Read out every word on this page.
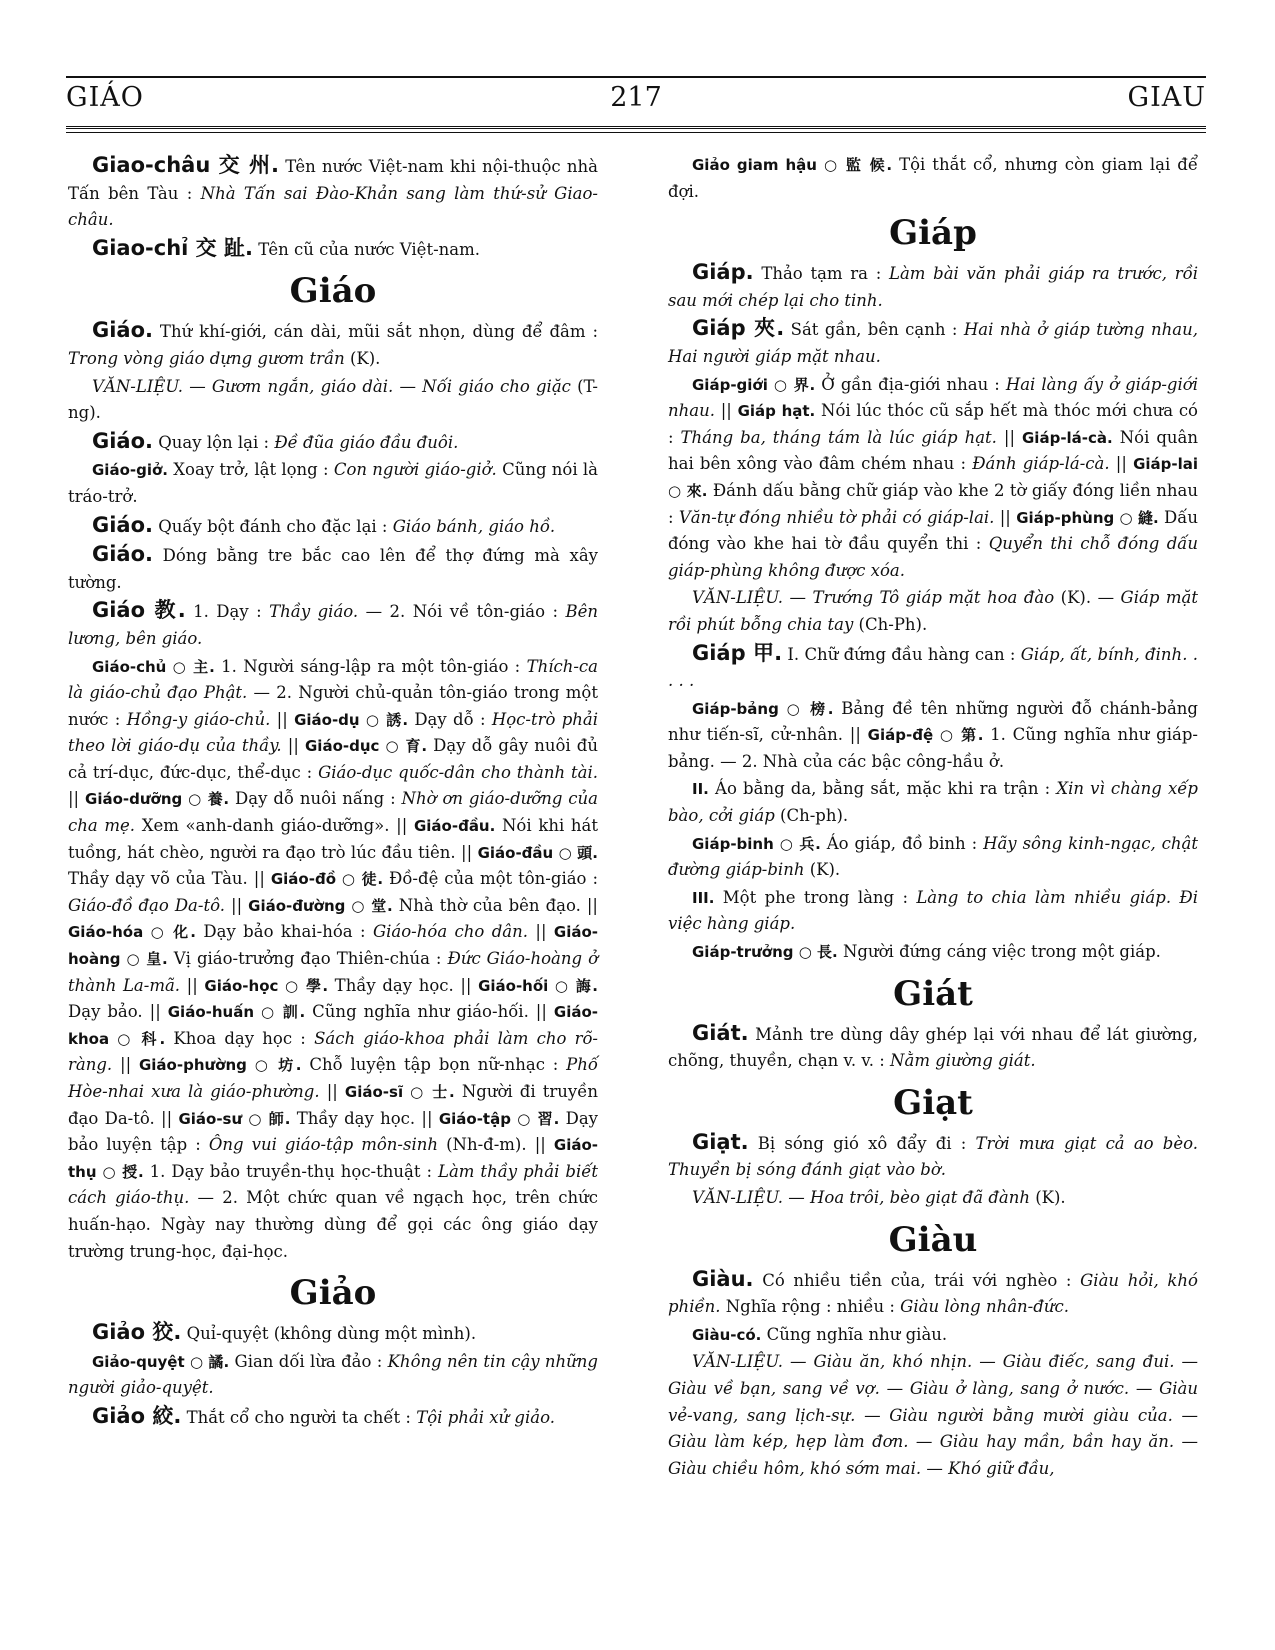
GIÁO	217	GIAU

Giao-châu 交 州. Tên nước Việt-nam khi nội-thuộc nhà Tấn bên Tàu : Nhà Tấn sai Đào-Khản sang làm thứ-sử Giao-châu.

Giao-chỉ 交 趾. Tên cũ của nước Việt-nam.

Giáo

Giáo. Thứ khí-giới, cán dài, mũi sắt nhọn, dùng để đâm : Trong vòng giáo dựng gươm trần (K).

VĂN-LIỆU. — Gươm ngắn, giáo dài. — Nối giáo cho giặc (T-ng).

Giáo. Quay lộn lại : Đề đũa giáo đầu đuôi.

Giáo-giở. Xoay trở, lật lọng : Con người giáo-giở. Cũng nói là tráo-trở.

Giáo. Quấy bột đánh cho đặc lại : Giáo bánh, giáo hồ.

Giáo. Dóng bằng tre bắc cao lên để thợ đứng mà xây tường.

Giáo 教. 1. Dạy : Thầy giáo. — 2. Nói về tôn-giáo : Bên lương, bên giáo.

Giáo-chủ ○ 主. 1. Người sáng-lập ra một tôn-giáo : Thích-ca là giáo-chủ đạo Phật. — 2. Người chủ-quản tôn-giáo trong một nước : Hồng-y giáo-chủ. || Giáo-dụ ○ 誘. Dạy dỗ : Học-trò phải theo lời giáo-dụ của thầy. || Giáo-dục ○ 育. Dạy dỗ gây nuôi đủ cả trí-dục, đức-dục, thể-dục : Giáo-dục quốc-dân cho thành tài. || Giáo-dưỡng ○ 養. Dạy dỗ nuôi nấng : Nhờ ơn giáo-dưỡng của cha mẹ. Xem «anh-danh giáo-dưỡng». || Giáo-đầu. Nói khi hát tuồng, hát chèo, người ra đạo trò lúc đầu tiên. || Giáo-đầu ○ 頭. Thầy dạy võ của Tàu. || Giáo-đồ ○ 徒. Đồ-đệ của một tôn-giáo : Giáo-đồ đạo Da-tô. || Giáo-đường ○ 堂. Nhà thờ của bên đạo. || Giáo-hóa ○ 化. Dạy bảo khai-hóa : Giáo-hóa cho dân. || Giáo-hoàng ○ 皇. Vị giáo-trưởng đạo Thiên-chúa : Đức Giáo-hoàng ở thành La-mã. || Giáo-học ○ 學. Thầy dạy học. || Giáo-hối ○ 誨. Dạy bảo. || Giáo-huấn ○ 訓. Cũng nghĩa như giáo-hối. || Giáo-khoa ○ 科. Khoa dạy học : Sách giáo-khoa phải làm cho rõ-ràng. || Giáo-phường ○ 坊. Chỗ luyện tập bọn nữ-nhạc : Phố Hòe-nhai xưa là giáo-phường. || Giáo-sĩ ○ 士. Người đi truyền đạo Da-tô. || Giáo-sư ○ 師. Thầy dạy học. || Giáo-tập ○ 習. Dạy bảo luyện tập : Ông vui giáo-tập môn-sinh (Nh-đ-m). || Giáo-thụ ○ 授. 1. Dạy bảo truyền-thụ học-thuật : Làm thầy phải biết cách giáo-thụ. — 2. Một chức quan về ngạch học, trên chức huấn-hạo. Ngày nay thường dùng để gọi các ông giáo dạy trường trung-học, đại-học.

Giảo

Giảo 狡. Quỉ-quyệt (không dùng một mình).

Giảo-quyệt ○ 譎. Gian dối lừa đảo : Không nên tin cậy những người giảo-quyệt.

Giảo 絞. Thắt cổ cho người ta chết : Tội phải xử giảo.

Giảo giam hậu ○ 監 候. Tội thắt cổ, nhưng còn giam lại để đợi.

Giáp

Giáp. Thảo tạm ra : Làm bài văn phải giáp ra trước, rồi sau mới chép lại cho tinh.

Giáp 夾. Sát gần, bên cạnh : Hai nhà ở giáp tường nhau, Hai người giáp mặt nhau.

Giáp-giới ○ 界. Ở gần địa-giới nhau : Hai làng ấy ở giáp-giới nhau. || Giáp hạt. Nói lúc thóc cũ sắp hết mà thóc mới chưa có : Tháng ba, tháng tám là lúc giáp hạt. || Giáp-lá-cà. Nói quân hai bên xông vào đâm chém nhau : Đánh giáp-lá-cà. || Giáp-lai ○ 來. Đánh dấu bằng chữ giáp vào khe 2 tờ giấy đóng liền nhau : Văn-tự đóng nhiều tờ phải có giáp-lai. || Giáp-phùng ○ 縫. Dấu đóng vào khe hai tờ đầu quyển thi : Quyển thi chỗ đóng dấu giáp-phùng không được xóa.

VĂN-LIỆU. — Trướng Tô giáp mặt hoa đào (K). — Giáp mặt rồi phút bỗng chia tay (Ch-Ph).

Giáp 甲. I. Chữ đứng đầu hàng can : Giáp, ất, bính, đinh. . . . .

Giáp-bảng ○ 榜. Bảng đề tên những người đỗ chánh-bảng như tiến-sĩ, cử-nhân. || Giáp-đệ ○ 第. 1. Cũng nghĩa như giáp-bảng. — 2. Nhà của các bậc công-hầu ở.

II. Áo bằng da, bằng sắt, mặc khi ra trận : Xin vì chàng xếp bào, cởi giáp (Ch-ph).

Giáp-binh ○ 兵. Áo giáp, đồ binh : Hãy sông kinh-ngạc, chật đường giáp-binh (K).

III. Một phe trong làng : Làng to chia làm nhiều giáp. Đi việc hàng giáp.

Giáp-trưởng ○ 長. Người đứng cáng việc trong một giáp.

Giát

Giát. Mảnh tre dùng dây ghép lại với nhau để lát giường, chõng, thuyền, chạn v. v. : Nằm giường giát.

Giạt

Giạt. Bị sóng gió xô đẩy đi : Trời mưa giạt cả ao bèo. Thuyền bị sóng đánh giạt vào bờ.

VĂN-LIỆU. — Hoa trôi, bèo giạt đã đành (K).

Giàu

Giàu. Có nhiều tiền của, trái với nghèo : Giàu hỏi, khó phiền. Nghĩa rộng : nhiều : Giàu lòng nhân-đức.

Giàu-có. Cũng nghĩa như giàu.

VĂN-LIỆU. — Giàu ăn, khó nhịn. — Giàu điếc, sang đui. — Giàu về bạn, sang về vợ. — Giàu ở làng, sang ở nước. — Giàu vẻ-vang, sang lịch-sự. — Giàu người bằng mười giàu của. — Giàu làm kép, hẹp làm đơn. — Giàu hay mần, bần hay ăn. — Giàu chiều hôm, khó sớm mai. — Khó giữ đầu,
